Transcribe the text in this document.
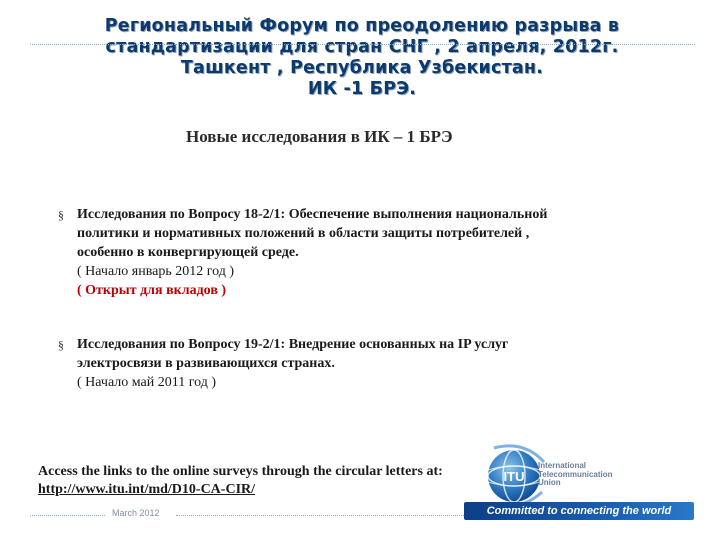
Региональный Форум по преодолению разрыва в
стандартизации для стран СНГ , 2 апреля, 2012г.
Ташкент , Республика Узбекистан.
ИК -1 БРЭ.
Новые исследования в ИК – 1 БРЭ
§ Исследования по Вопросу 18-2/1: Обеспечение выполнения национальной
политики и нормативных положений в области защиты потребителей ,
особенно в конвергирующей среде.
( Начало январь 2012 год )
( Открыт для вкладов )
§ Исследования по Вопросу 19-2/1: Внедрение основанных на IP услуг
электросвязи в развивающихся странах.
( Начало май 2011 год )
Access the links to the online surveys through the circular letters at: http://www.itu.int/md/D10-CA-CIR/
March 2012
ITU
International
Telecommunication
Union
Committed to connecting the world
